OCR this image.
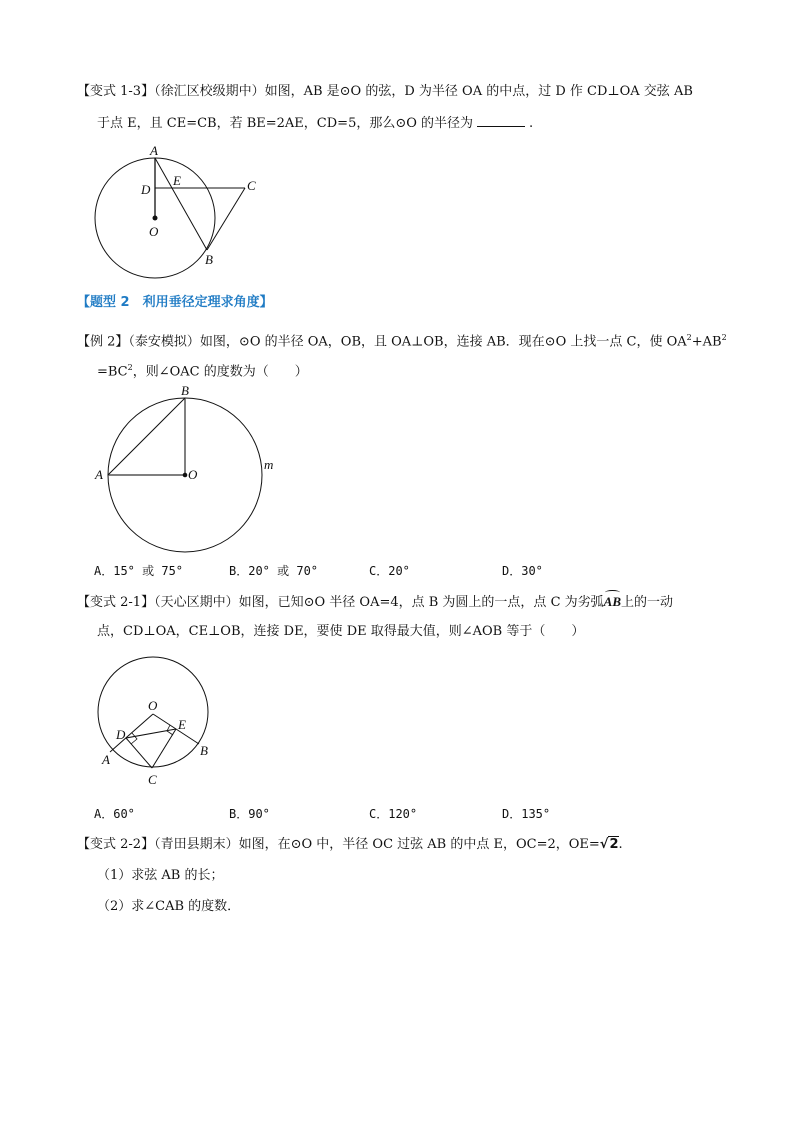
【变式 1-3】（徐汇区校级期中）如图，AB 是⊙O 的弦，D 为半径 OA 的中点，过 D 作 CD⊥OA 交弦 AB
于点 E，且 CE=CB，若 BE=2AE，CD=5，那么⊙O 的半径为	.
A
D
E	C
O
B
【题型 2　利用垂径定理求角度】
【例 2】（泰安模拟）如图，⊙O 的半径 OA，OB，且 OA⊥OB，连接 AB．现在⊙O 上找一点 C，使 $OA^2+AB^2$
$=BC^2$，则∠OAC 的度数为（　　）
B
A	O
m
A．15° 或 75°	B．20° 或 70°	C．20°	D．30°
【变式 2-1】（天心区期中）如图，已知⊙O 半径 OA=4，点 B 为圆上的一点，点 C 为劣弧AB上的一动
点，CD⊥OA，CE⊥OB，连接 DE，要使 DE 取得最大值，则∠AOB 等于（　　）
O
D
E
A
B
C
A．60°	B．90°	C．120°	D．135°
【变式 2-2】（青田县期末）如图，在⊙O 中，半径 OC 过弦 AB 的中点 E，OC=2，OE=√2.
（1）求弦 AB 的长；
（2）求∠CAB 的度数．
